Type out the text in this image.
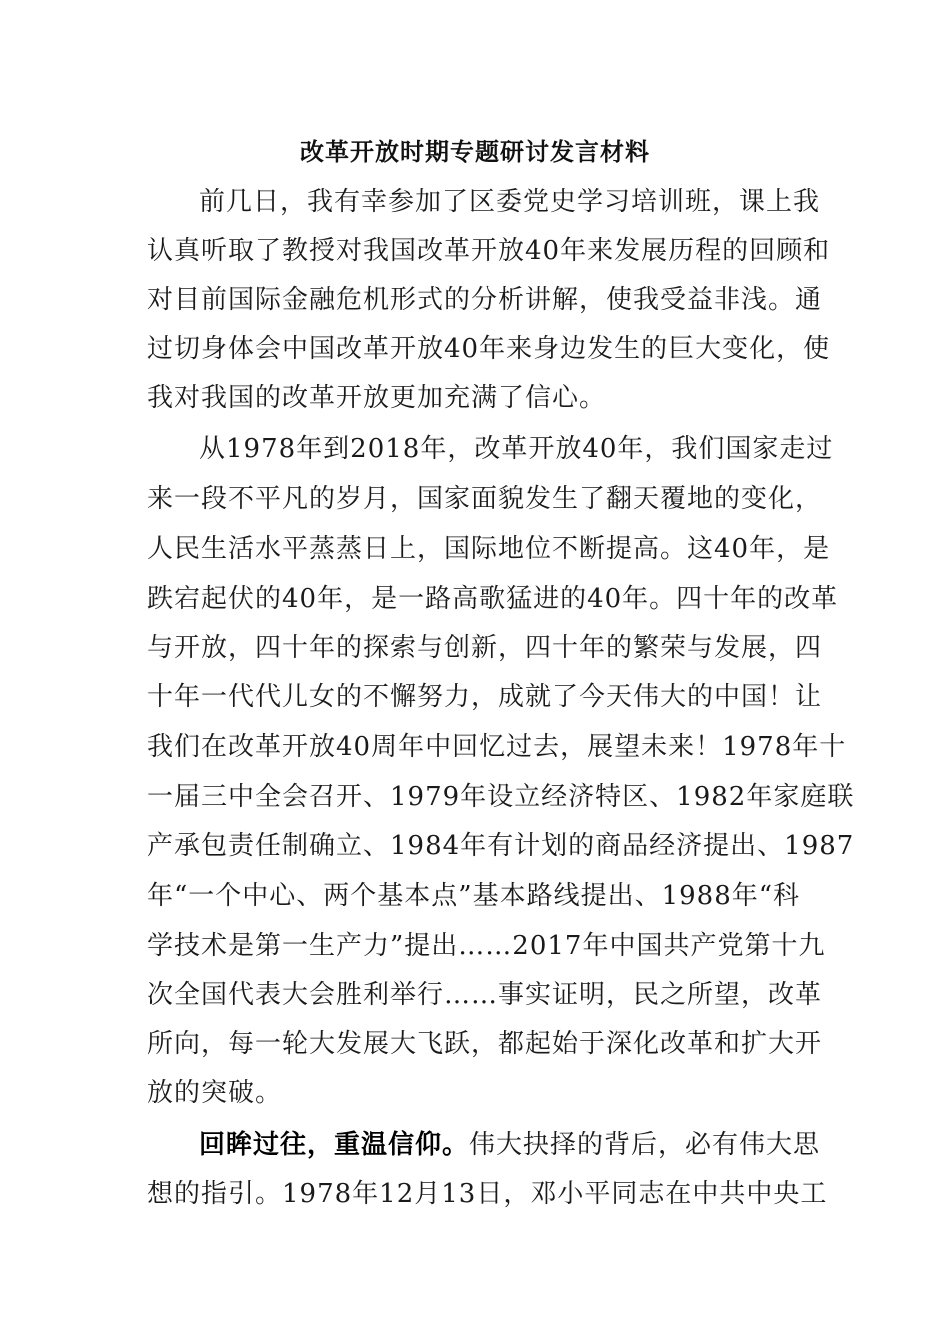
改革开放时期专题研讨发言材料
前几日，我有幸参加了区委党史学习培训班，课上我
认真听取了教授对我国改革开放40年来发展历程的回顾和
对目前国际金融危机形式的分析讲解，使我受益非浅。通
过切身体会中国改革开放40年来身边发生的巨大变化，使
我对我国的改革开放更加充满了信心。
从1978年到2018年，改革开放40年，我们国家走过
来一段不平凡的岁月，国家面貌发生了翻天覆地的变化，
人民生活水平蒸蒸日上，国际地位不断提高。这40年，是
跌宕起伏的40年，是一路高歌猛进的40年。四十年的改革
与开放，四十年的探索与创新，四十年的繁荣与发展，四
十年一代代儿女的不懈努力，成就了今天伟大的中国！让
我们在改革开放40周年中回忆过去，展望未来！1978年十
一届三中全会召开、1979年设立经济特区、1982年家庭联
产承包责任制确立、1984年有计划的商品经济提出、1987
年“一个中心、两个基本点”基本路线提出、1988年“科
学技术是第一生产力”提出……2017年中国共产党第十九
次全国代表大会胜利举行……事实证明，民之所望，改革
所向，每一轮大发展大飞跃，都起始于深化改革和扩大开
放的突破。
回眸过往，重温信仰。伟大抉择的背后，必有伟大思
想的指引。1978年12月13日，邓小平同志在中共中央工
